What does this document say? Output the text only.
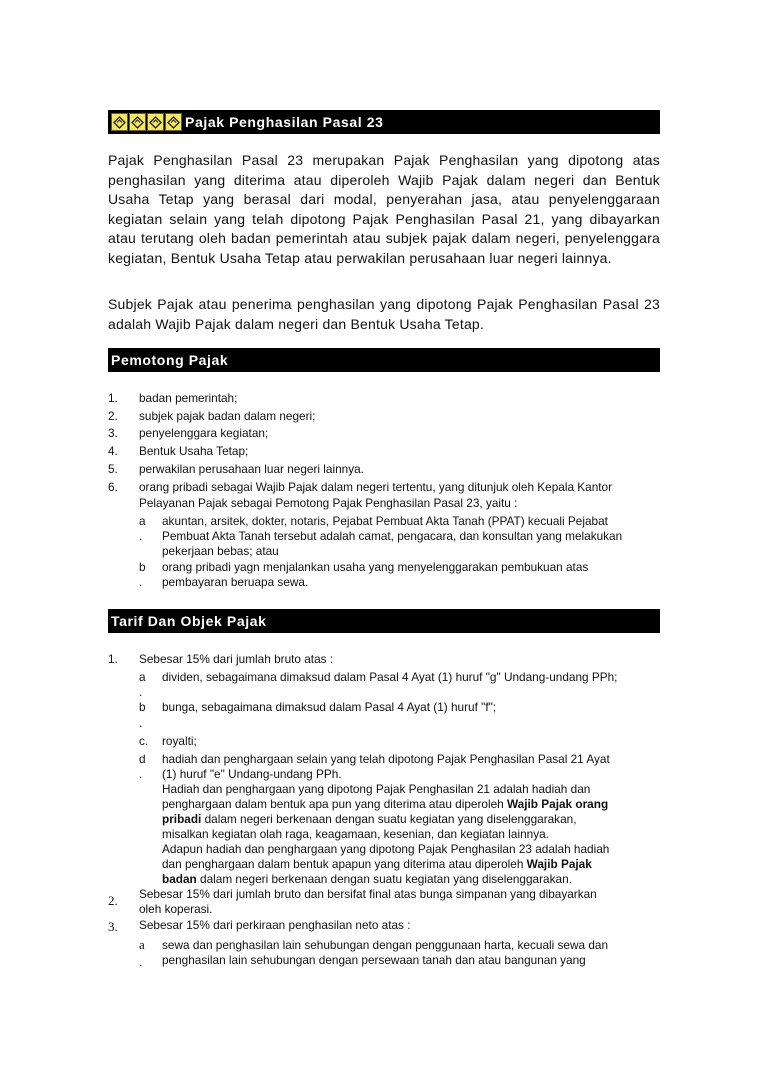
Pajak Penghasilan Pasal 23

Pajak Penghasilan Pasal 23 merupakan Pajak Penghasilan yang dipotong atas penghasilan yang diterima atau diperoleh Wajib Pajak dalam negeri dan Bentuk Usaha Tetap yang berasal dari modal, penyerahan jasa, atau penyelenggaraan kegiatan selain yang telah dipotong Pajak Penghasilan Pasal 21, yang dibayarkan atau terutang oleh badan pemerintah atau subjek pajak dalam negeri, penyelenggara kegiatan, Bentuk Usaha Tetap atau perwakilan perusahaan luar negeri lainnya.

Subjek Pajak atau penerima penghasilan yang dipotong Pajak Penghasilan Pasal 23 adalah Wajib Pajak dalam negeri dan Bentuk Usaha Tetap.

Pemotong Pajak
1. badan pemerintah;
2. subjek pajak badan dalam negeri;
3. penyelenggara kegiatan;
4. Bentuk Usaha Tetap;
5. perwakilan perusahaan luar negeri lainnya.
6. orang pribadi sebagai Wajib Pajak dalam negeri tertentu, yang ditunjuk oleh Kepala Kantor
Pelayanan Pajak sebagai Pemotong Pajak Penghasilan Pasal 23, yaitu :
a akuntan, arsitek, dokter, notaris, Pejabat Pembuat Akta Tanah (PPAT) kecuali Pejabat
. Pembuat Akta Tanah tersebut adalah camat, pengacara, dan konsultan yang melakukan
pekerjaan bebas; atau
b orang pribadi yagn menjalankan usaha yang menyelenggarakan pembukuan atas
. pembayaran beruapa sewa.
Tarif Dan Objek Pajak
1. Sebesar 15% dari jumlah bruto atas :
a dividen, sebagaimana dimaksud dalam Pasal 4 Ayat (1) huruf "g" Undang-undang PPh;
.
b bunga, sebagaimana dimaksud dalam Pasal 4 Ayat (1) huruf "f";
.
c. royalti;
d hadiah dan penghargaan selain yang telah dipotong Pajak Penghasilan Pasal 21 Ayat
. (1) huruf "e" Undang-undang PPh.
Hadiah dan penghargaan yang dipotong Pajak Penghasilan 21 adalah hadiah dan
penghargaan dalam bentuk apa pun yang diterima atau diperoleh Wajib Pajak orang
pribadi dalam negeri berkenaan dengan suatu kegiatan yang diselenggarakan,
misalkan kegiatan olah raga, keagamaan, kesenian, dan kegiatan lainnya.
Adapun hadiah dan penghargaan yang dipotong Pajak Penghasilan 23 adalah hadiah
dan penghargaan dalam bentuk apapun yang diterima atau diperoleh Wajib Pajak
badan dalam negeri berkenaan dengan suatu kegiatan yang diselenggarakan.
2. Sebesar 15% dari jumlah bruto dan bersifat final atas bunga simpanan yang dibayarkan
oleh koperasi.
3. Sebesar 15% dari perkiraan penghasilan neto atas :
a sewa dan penghasilan lain sehubungan dengan penggunaan harta, kecuali sewa dan
. penghasilan lain sehubungan dengan persewaan tanah dan atau bangunan yang
